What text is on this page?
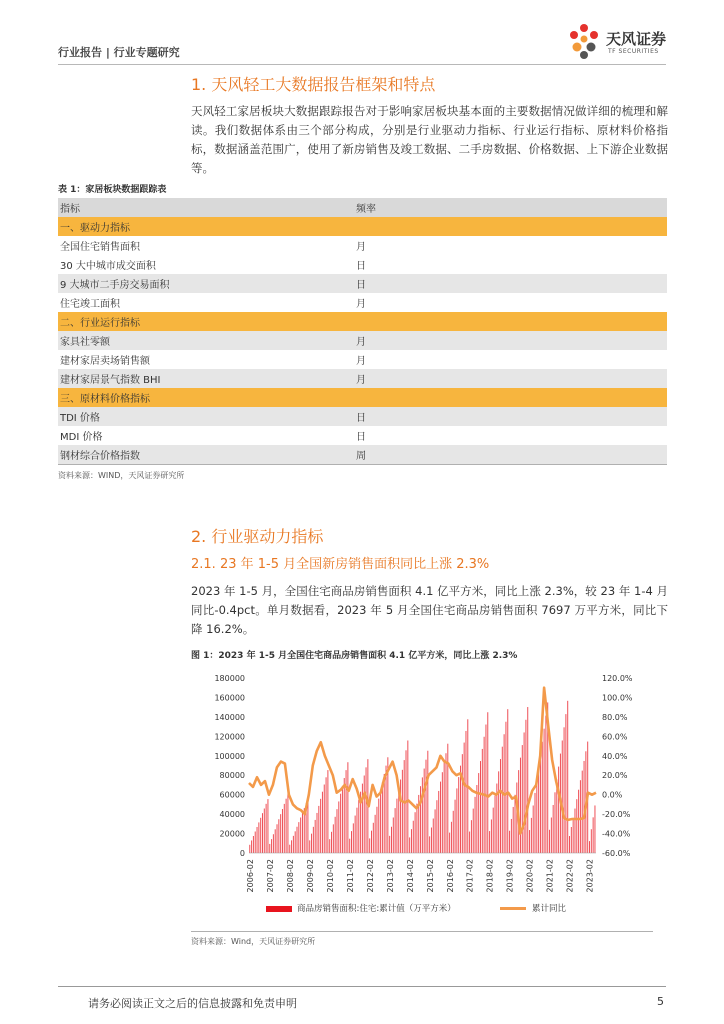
行业报告 | 行业专题研究
天风证券
TF SECURITIES
1. 天风轻工大数据报告框架和特点
天风轻工家居板块大数据跟踪报告对于影响家居板块基本面的主要数据情况做详细的梳理和解读。我们数据体系由三个部分构成，分别是行业驱动力指标、行业运行指标、原材料价格指标，数据涵盖范围广，使用了新房销售及竣工数据、二手房数据、价格数据、上下游企业数据等。
表 1：家居板块数据跟踪表
指标	频率
一、驱动力指标
全国住宅销售面积	月
30 大中城市成交面积	日
9 大城市二手房交易面积	日
住宅竣工面积	月
二、行业运行指标
家具社零额	月
建材家居卖场销售额	月
建材家居景气指数 BHI	月
三、原材料价格指标
TDI 价格	日
MDI 价格	日
钢材综合价格指数	周
资料来源：WIND，天风证券研究所
2. 行业驱动力指标
2.1. 23 年 1-5 月全国新房销售面积同比上涨 2.3%
2023 年 1-5 月，全国住宅商品房销售面积 4.1 亿平方米，同比上涨 2.3%，较 23 年 1-4 月同比-0.4pct。单月数据看，2023 年 5 月全国住宅商品房销售面积 7697 万平方米，同比下降 16.2%。
图 1：2023 年 1-5 月全国住宅商品房销售面积 4.1 亿平方米，同比上涨 2.3%
180000
160000
140000
120000
100000
80000
60000
40000
20000
0
120.0%
100.0%
80.0%
60.0%
40.0%
20.0%
0.0%
-20.0%
-40.0%
-60.0%
2006-02 2007-02 2008-02 2009-02 2010-02 2011-02 2012-02 2013-02 2014-02 2015-02 2016-02 2017-02 2018-02 2019-02 2020-02 2021-02 2022-02 2023-02
商品房销售面积:住宅:累计值（万平方米）	累计同比
资料来源：Wind，天风证券研究所
请务必阅读正文之后的信息披露和免责申明	5
